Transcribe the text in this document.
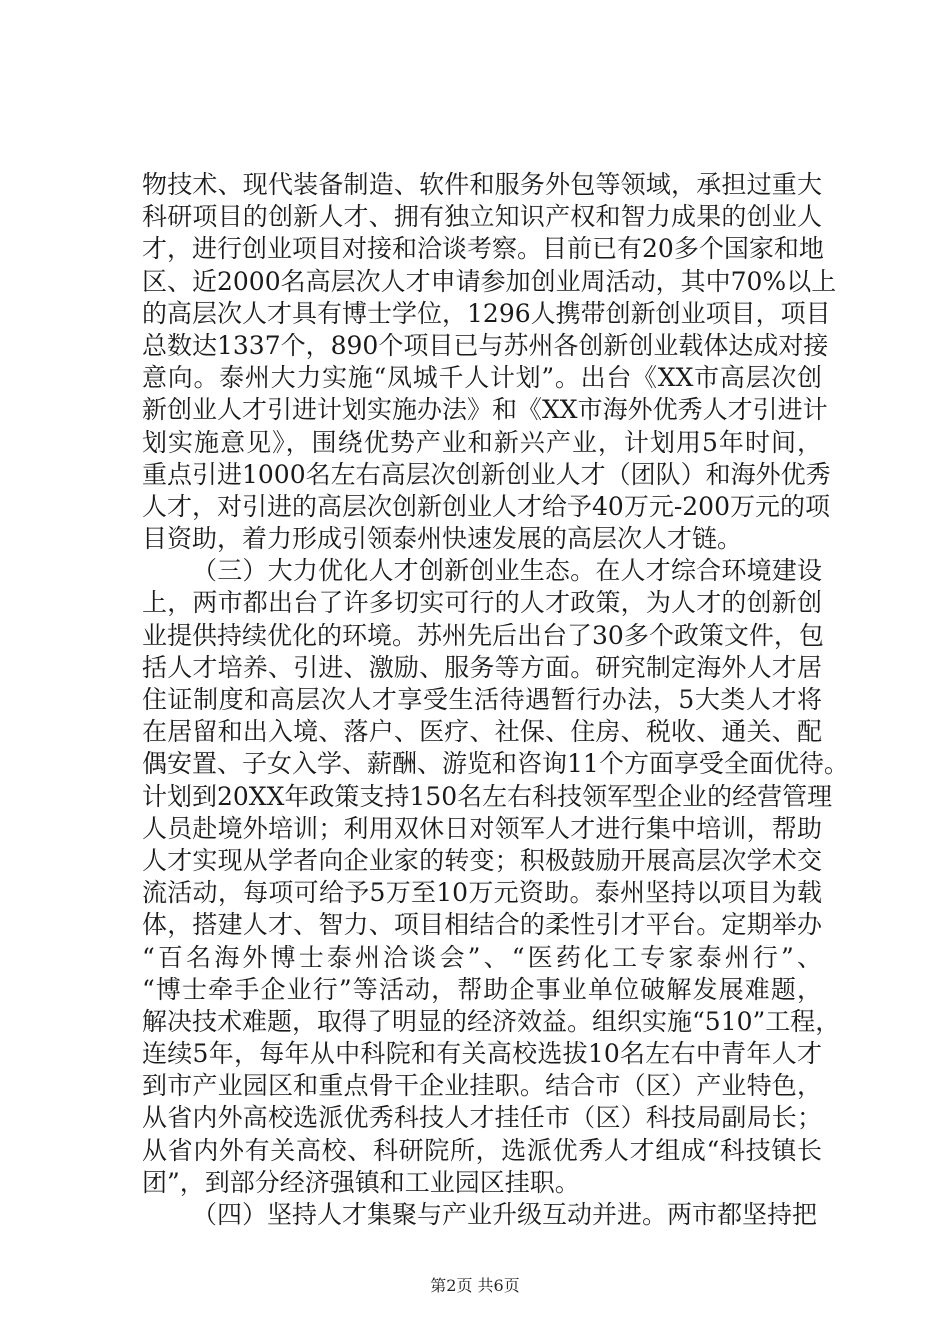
物技术、现代装备制造、软件和服务外包等领域，承担过重大
科研项目的创新人才、拥有独立知识产权和智力成果的创业人
才，进行创业项目对接和洽谈考察。目前已有20多个国家和地
区、近2000名高层次人才申请参加创业周活动，其中70%以上
的高层次人才具有博士学位，1296人携带创新创业项目，项目
总数达1337个，890个项目已与苏州各创新创业载体达成对接
意向。泰州大力实施“凤城千人计划”。出台《XX市高层次创
新创业人才引进计划实施办法》和《XX市海外优秀人才引进计
划实施意见》，围绕优势产业和新兴产业，计划用5年时间，
重点引进1000名左右高层次创新创业人才（团队）和海外优秀
人才，对引进的高层次创新创业人才给予40万元-200万元的项
目资助，着力形成引领泰州快速发展的高层次人才链。
（三）大力优化人才创新创业生态。在人才综合环境建设
上，两市都出台了许多切实可行的人才政策，为人才的创新创
业提供持续优化的环境。苏州先后出台了30多个政策文件，包
括人才培养、引进、激励、服务等方面。研究制定海外人才居
住证制度和高层次人才享受生活待遇暂行办法，5大类人才将
在居留和出入境、落户、医疗、社保、住房、税收、通关、配
偶安置、子女入学、薪酬、游览和咨询11个方面享受全面优待。
计划到20XX年政策支持150名左右科技领军型企业的经营管理
人员赴境外培训；利用双休日对领军人才进行集中培训，帮助
人才实现从学者向企业家的转变；积极鼓励开展高层次学术交
流活动，每项可给予5万至10万元资助。泰州坚持以项目为载
体，搭建人才、智力、项目相结合的柔性引才平台。定期举办
“百名海外博士泰州洽谈会”、“医药化工专家泰州行”、
“博士牵手企业行”等活动，帮助企事业单位破解发展难题，
解决技术难题，取得了明显的经济效益。组织实施“510”工程，
连续5年，每年从中科院和有关高校选拔10名左右中青年人才
到市产业园区和重点骨干企业挂职。结合市（区）产业特色，
从省内外高校选派优秀科技人才挂任市（区）科技局副局长；
从省内外有关高校、科研院所，选派优秀人才组成“科技镇长
团”，到部分经济强镇和工业园区挂职。
（四）坚持人才集聚与产业升级互动并进。两市都坚持把
第2页 共6页
